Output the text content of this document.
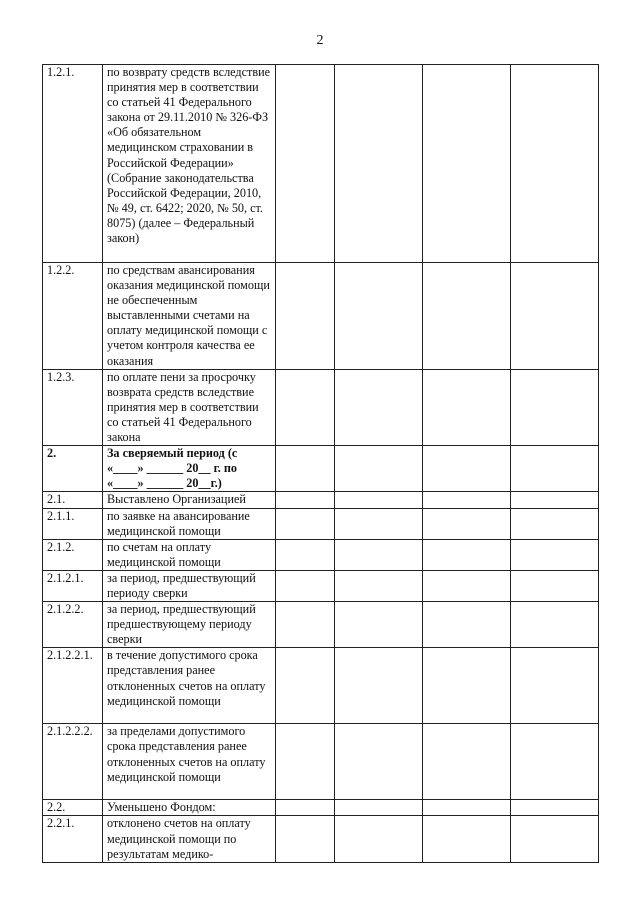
2
1.2.1.	по возврату средств вследствие принятия мер в соответствии со статьей 41 Федерального закона от 29.11.2010 № 326-ФЗ «Об обязательном медицинском страховании в Российской Федерации» (Собрание законодательства Российской Федерации, 2010, № 49, ст. 6422; 2020, № 50, ст. 8075) (далее – Федеральный закон)				
1.2.2.	по средствам авансирования оказания медицинской помощи не обеспеченным выставленными счетами на оплату медицинской помощи с учетом контроля качества ее оказания				
1.2.3.	по оплате пени за просрочку возврата средств вследствие принятия мер в соответствии со статьей 41 Федерального закона				
2.	За сверяемый период (с «____» ______ 20__ г. по «____» ______ 20__г.)				
2.1.	Выставлено Организацией				
2.1.1.	по заявке на авансирование медицинской помощи				
2.1.2.	по счетам на оплату медицинской помощи				
2.1.2.1.	за период, предшествующий периоду сверки				
2.1.2.2.	за период, предшествующий предшествующему периоду сверки				
2.1.2.2.1.	в течение допустимого срока представления ранее отклоненных счетов на оплату медицинской помощи				
2.1.2.2.2.	за пределами допустимого срока представления ранее отклоненных счетов на оплату медицинской помощи				
2.2.	Уменьшено Фондом:				
2.2.1.	отклонено счетов на оплату медицинской помощи по результатам медико-				
